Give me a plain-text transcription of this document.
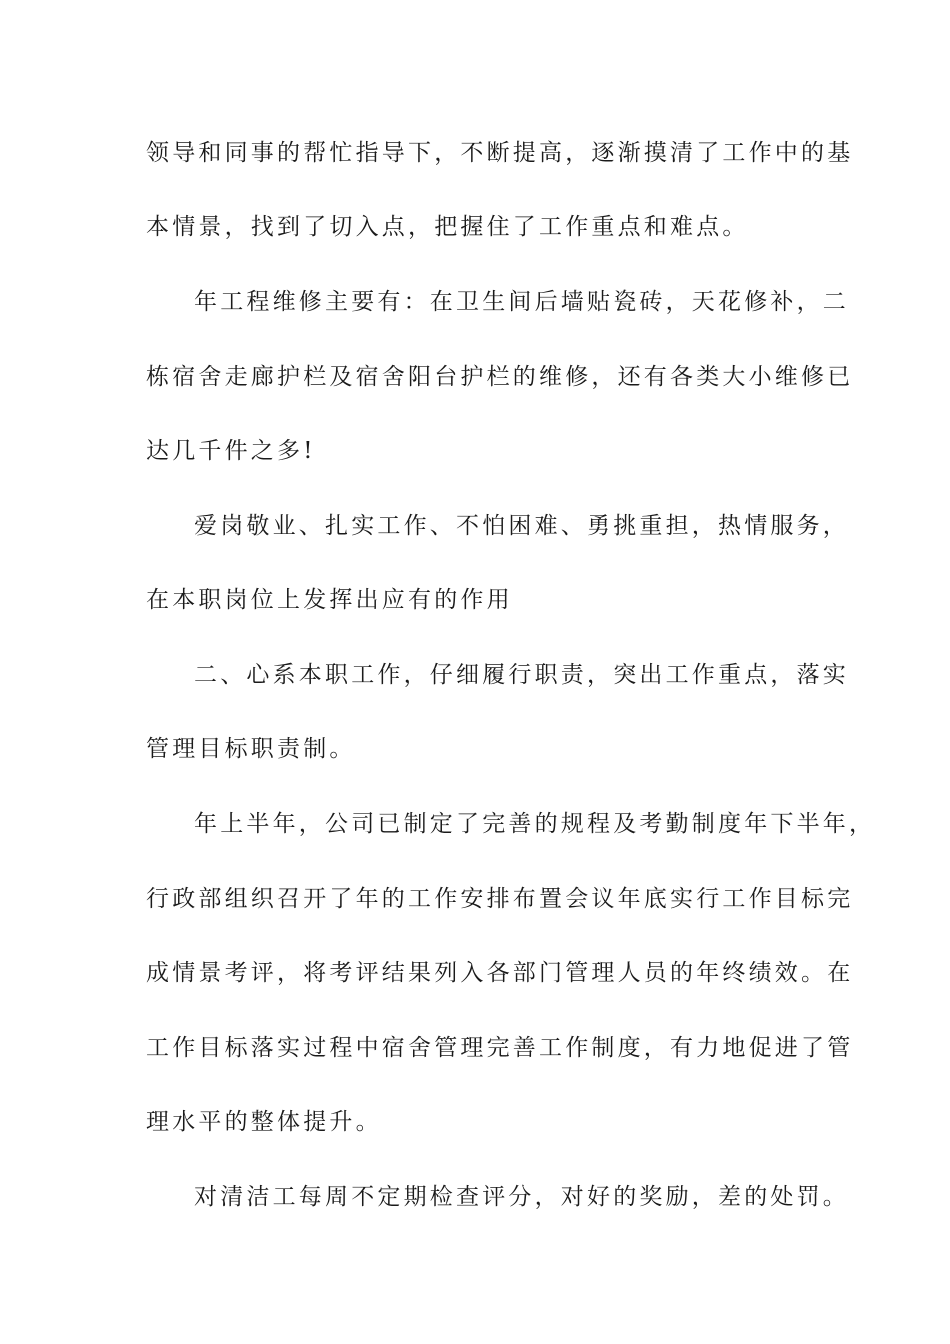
领导和同事的帮忙指导下，不断提高，逐渐摸清了工作中的基
本情景，找到了切入点，把握住了工作重点和难点。
年工程维修主要有：在卫生间后墙贴瓷砖，天花修补，二
栋宿舍走廊护栏及宿舍阳台护栏的维修，还有各类大小维修已
达几千件之多!
爱岗敬业、扎实工作、不怕困难、勇挑重担，热情服务，
在本职岗位上发挥出应有的作用
二、心系本职工作，仔细履行职责，突出工作重点，落实
管理目标职责制。
年上半年，公司已制定了完善的规程及考勤制度年下半年，
行政部组织召开了年的工作安排布置会议年底实行工作目标完
成情景考评，将考评结果列入各部门管理人员的年终绩效。在
工作目标落实过程中宿舍管理完善工作制度，有力地促进了管
理水平的整体提升。
对清洁工每周不定期检查评分，对好的奖励，差的处罚。
